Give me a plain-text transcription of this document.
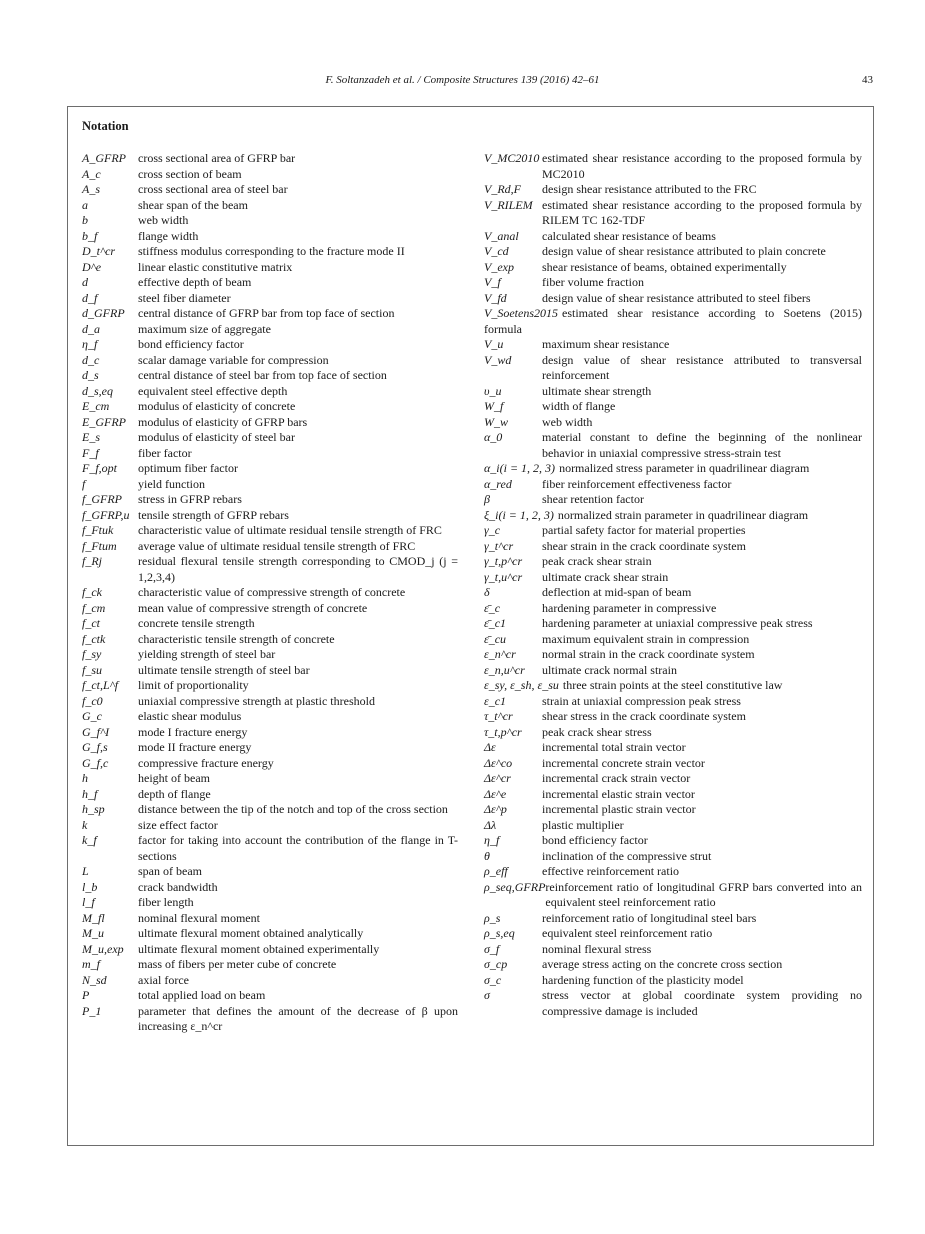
F. Soltanzadeh et al. / Composite Structures 139 (2016) 42–61	43
Notation
A_GFRP	cross sectional area of GFRP bar
A_c	cross section of beam
A_s	cross sectional area of steel bar
a	shear span of the beam
b	web width
b_f	flange width
D_t^cr	stiffness modulus corresponding to the fracture mode II
D^e	linear elastic constitutive matrix
d	effective depth of beam
d_f	steel fiber diameter
d_GFRP	central distance of GFRP bar from top face of section
d_a	maximum size of aggregate
η_f	bond efficiency factor
d_c	scalar damage variable for compression
d_s	central distance of steel bar from top face of section
d_s,eq	equivalent steel effective depth
E_cm	modulus of elasticity of concrete
E_GFRP	modulus of elasticity of GFRP bars
E_s	modulus of elasticity of steel bar
F_f	fiber factor
F_f,opt	optimum fiber factor
f	yield function
f_GFRP	stress in GFRP rebars
f_GFRP,u tensile strength of GFRP rebars
f_Ftuk	characteristic value of ultimate residual tensile strength of FRC
f_Ftum	average value of ultimate residual tensile strength of FRC
f_Rj	residual flexural tensile strength corresponding to CMOD_j (j = 1,2,3,4)
f_ck	characteristic value of compressive strength of concrete
f_cm	mean value of compressive strength of concrete
f_ct	concrete tensile strength
f_ctk	characteristic tensile strength of concrete
f_sy	yielding strength of steel bar
f_su	ultimate tensile strength of steel bar
f_ct,L^f	limit of proportionality
f_c0	uniaxial compressive strength at plastic threshold
G_c	elastic shear modulus
G_f^I	mode I fracture energy
G_f,s	mode II fracture energy
G_f,c	compressive fracture energy
h	height of beam
h_f	depth of flange
h_sp	distance between the tip of the notch and top of the cross section
k	size effect factor
k_f	factor for taking into account the contribution of the flange in T-sections
L	span of beam
l_b	crack bandwidth
l_f	fiber length
M_fl	nominal flexural moment
M_u	ultimate flexural moment obtained analytically
M_u,exp	ultimate flexural moment obtained experimentally
m_f	mass of fibers per meter cube of concrete
N_sd	axial force
P	total applied load on beam
P_1	parameter that defines the amount of the decrease of β upon increasing ε_n^cr
V_MC2010 estimated shear resistance according to the proposed formula by MC2010
V_Rd,F	design shear resistance attributed to the FRC
V_RILEM estimated shear resistance according to the proposed formula by RILEM TC 162-TDF
V_anal	calculated shear resistance of beams
V_cd	design value of shear resistance attributed to plain concrete
V_exp	shear resistance of beams, obtained experimentally
V_f	fiber volume fraction
V_fd	design value of shear resistance attributed to steel fibers
V_Soetens2015 estimated shear resistance according to Soetens (2015) formula
V_u	maximum shear resistance
V_wd	design value of shear resistance attributed to transversal reinforcement
υ_u	ultimate shear strength
W_f	width of flange
W_w	web width
α_0	material constant to define the beginning of the nonlinear behavior in uniaxial compressive stress-strain test
α_i(i = 1, 2, 3) normalized stress parameter in quadrilinear diagram
α_red	fiber reinforcement effectiveness factor
β	shear retention factor
ξ_i(i = 1, 2, 3) normalized strain parameter in quadrilinear diagram
γ_c	partial safety factor for material properties
γ_t^cr	shear strain in the crack coordinate system
γ_t,p^cr	peak crack shear strain
γ_t,u^cr	ultimate crack shear strain
δ	deflection at mid-span of beam
ε̄_c	hardening parameter in compressive
ε̄_c1	hardening parameter at uniaxial compressive peak stress
ε̄_cu	maximum equivalent strain in compression
ε_n^cr	normal strain in the crack coordinate system
ε_n,u^cr	ultimate crack normal strain
ε_sy, ε_sh, ε_su three strain points at the steel constitutive law
ε_c1	strain at uniaxial compression peak stress
τ_t^cr	shear stress in the crack coordinate system
τ_t,p^cr	peak crack shear stress
Δε	incremental total strain vector
Δε^co	incremental concrete strain vector
Δε^cr	incremental crack strain vector
Δε^e	incremental elastic strain vector
Δε^p	incremental plastic strain vector
Δλ	plastic multiplier
η_f	bond efficiency factor
θ	inclination of the compressive strut
ρ_eff	effective reinforcement ratio
ρ_seq,GFRP reinforcement ratio of longitudinal GFRP bars converted into an equivalent steel reinforcement ratio
ρ_s	reinforcement ratio of longitudinal steel bars
ρ_s,eq	equivalent steel reinforcement ratio
σ_f	nominal flexural stress
σ_cp	average stress acting on the concrete cross section
σ_c	hardening function of the plasticity model
σ	stress vector at global coordinate system providing no compressive damage is included
